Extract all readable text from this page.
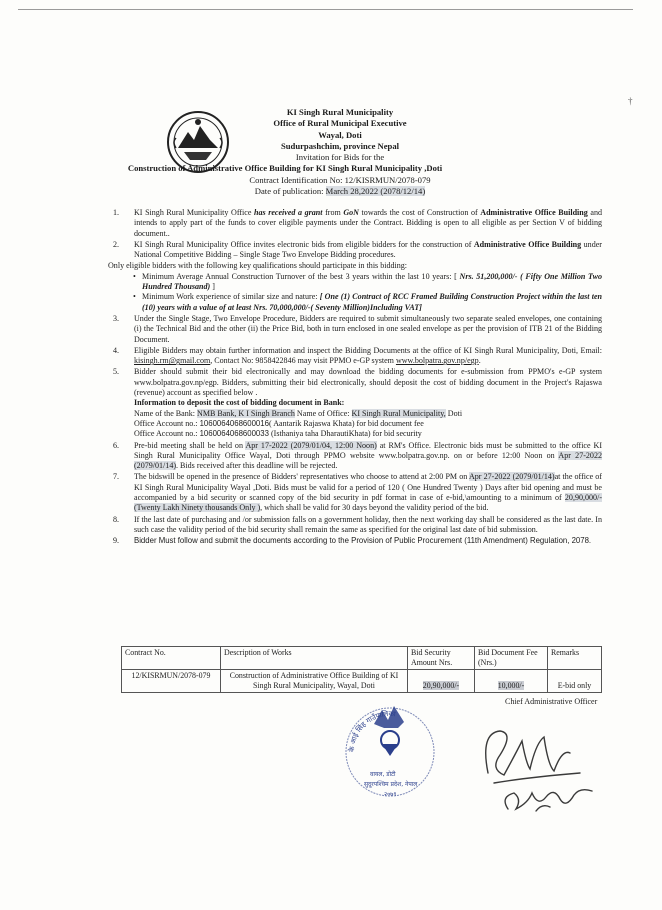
KI Singh Rural Municipality
Office of Rural Municipal Executive
Wayal, Doti
Sudurpashchim, province Nepal
Invitation for Bids for the
Construction of Administrative Office Building for KI Singh Rural Municipality ,Doti
Contract Identification No: 12/KISRMUN/2078-079
Date of publication: March 28,2022 (2078/12/14)
1. KI Singh Rural Municipality Office has received a grant from GoN towards the cost of Construction of Administrative Office Building and intends to apply part of the funds to cover eligible payments under the Contract. Bidding is open to all eligible as per Section V of bidding document..
2. KI Singh Rural Municipality Office invites electronic bids from eligible bidders for the construction of Administrative Office Building under National Competitive Bidding – Single Stage Two Envelope Bidding procedures.
Only eligible bidders with the following key qualifications should participate in this bidding:
• Minimum Average Annual Construction Turnover of the best 3 years within the last 10 years: [ Nrs. 51,200,000/- ( Fifty One Million Two Hundred Thousand) ]
• Minimum Work experience of similar size and nature: [ One (1) Contract of RCC Framed Building Construction Project within the last ten (10) years with a value of at least Nrs. 70,000,000/-( Seventy Million)Including VAT]
3. Under the Single Stage, Two Envelope Procedure, Bidders are required to submit simultaneously two separate sealed envelopes, one containing (i) the Technical Bid and the other (ii) the Price Bid, both in turn enclosed in one sealed envelope as per the provision of ITB 21 of the Bidding Document.
4. Eligible Bidders may obtain further information and inspect the Bidding Documents at the office of KI Singh Rural Municipality, Doti, Email: kisingh.rm@gmail.com, Contact No: 9858422846 may visit PPMO e-GP system www.bolpatra.gov.np/egp.
5. Bidder should submit their bid electronically and may download the bidding documents for e-submission from PPMO's e-GP system www.bolpatra.gov.np/egp. Bidders, submitting their bid electronically, should deposit the cost of bidding document in the Project's Rajaswa (revenue) account as specified below .
Information to deposit the cost of bidding document in Bank:
Name of the Bank: NMB Bank, K I Singh Branch Name of Office: KI Singh Rural Municipality, Doti
Office Account no.: 1060064068600016( Aantarik Rajaswa Khata) for bid document fee
Office Account no.: 1060064068600033 (Isthaniya taha DharautiKhata) for bid security
6. Pre-bid meeting shall be held on Apr 17-2022 (2079/01/04, 12:00 Noon) at RM's Office. Electronic bids must be submitted to the office KI Singh Rural Municipality Office Wayal, Doti through PPMO website www.bolpatra.gov.np. on or before 12:00 Noon on Apr 27-2022 (2079/01/14). Bids received after this deadline will be rejected.
7. The bidswill be opened in the presence of Bidders' representatives who choose to attend at 2:00 PM on Apr 27-2022 (2079/01/14)at the office of KI Singh Rural Municipality Wayal ,Doti. Bids must be valid for a period of 120 ( One Hundred Twenty ) Days after bid opening and must be accompanied by a bid security or scanned copy of the bid security in pdf format in case of e-bid,\amounting to a minimum of 20,90,000/- (Twenty Lakh Ninety thousands Only ), which shall be valid for 30 days beyond the validity period of the bid.
8. If the last date of purchasing and /or submission falls on a government holiday, then the next working day shall be considered as the last date. In such case the validity period of the bid security shall remain the same as specified for the original last date of bid submission.
9. Bidder Must follow and submit the documents according to the Provision of Public Procurement (11th Amendment) Regulation, 2078.
Contract No.	Description of Works	Bid Security Amount Nrs.	Bid Document Fee (Nrs.)	Remarks
12/KISRMUN/2078-079	Construction of Administrative Office Building of KI Singh Rural Municipality, Wayal, Doti	20,90,000/-	10,000/-	E-bid only
Chief Administrative Officer
के आई सिंह गाउँपालिका
वायल, डोटी
सुदूरपश्चिम प्रदेश, नेपाल
२०७९
†
